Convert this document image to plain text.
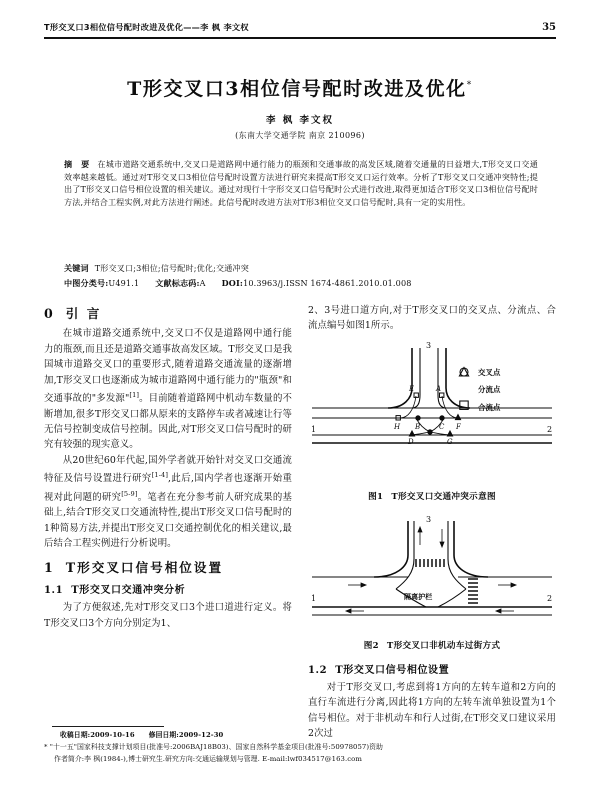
T形交叉口3相位信号配时改进及优化——李 枫 李文权	35
T形交叉口3相位信号配时改进及优化*
李 枫 李文权
(东南大学交通学院 南京 210096)
摘 要 在城市道路交通系统中,交叉口是道路网中通行能力的瓶颈和交通事故的高发区域,随着交通量的日益增大,T形交叉口交通效率越来越低。通过对T形交叉口3相位信号配时设置方法进行研究来提高T形交叉口运行效率。分析了T形交叉口交通冲突特性;提出了T形交叉口信号相位设置的相关建议。通过对现行十字形交叉口信号配时公式进行改进,取得更加适合T形交叉口3相位信号配时方法,并结合工程实例,对此方法进行阐述。此信号配时改进方法对T形3相位交叉口信号配时,具有一定的实用性。
关键词 T形交叉口;3相位;信号配时;优化;交通冲突
中图分类号:U491.1 文献标志码:A DOI:10.3963/j.ISSN 1674-4861.2010.01.008
0 引 言

在城市道路交通系统中,交叉口不仅是道路网中通行能力的瓶颈,而且还是道路交通事故高发区域。T形交叉口是我国城市道路交叉口的重要形式,随着道路交通流量的逐渐增加,T形交叉口也逐渐成为城市道路网中通行能力的"瓶颈"和交通事故的"多发源"[1]。目前随着道路网中机动车数量的不断增加,很多T形交叉口都从原来的支路停车或者减速让行等无信号控制变成信号控制。因此,对T形交叉口信号配时的研究有较强的现实意义。

从20世纪60年代起,国外学者就开始针对交叉口交通流特征及信号设置进行研究[1-4],此后,国内学者也逐渐开始重视对此问题的研究[5-9]。笔者在充分参考前人研究成果的基础上,结合T形交叉口交通流特性,提出T形交叉口信号配时的1种简易方法,并提出T形交叉口交通控制优化的相关建议,最后结合工程实例进行分析说明。

1 T形交叉口信号相位设置
1.1 T形交叉口交通冲突分析

为了方便叙述,先对T形交叉口3个进口道进行定义。将T形交叉口3个方向分别定为1、

2、3号进口道方向,对于T形交叉口的交叉点、分流点、合流点编号如图1所示。

H B	C F
D	G
E	A
1	2
3
交叉点
分流点
合流点

图1 T形交叉口交通冲突示意图

隔离护栏
1	2
3

图2 T形交叉口非机动车过街方式

1.2 T形交叉口信号相位设置

对于T形交叉口,考虑到将1方向的左转车道和2方向的直行车流进行分离,因此将1方向的左转车流单独设置为1个信号相位。对于非机动车和行人过街,在T形交叉口建议采用2次过

收稿日期:2009-10-16 修回日期:2009-12-30
* "十一五"国家科技支撑计划项目(批准号:2006BAJ18B03)、国家自然科学基金项目(批准号:50978057)资助
作者简介:李 枫(1984-),博士研究生.研究方向:交通运输规划与管理. E-mail:lwf034517@163.com
